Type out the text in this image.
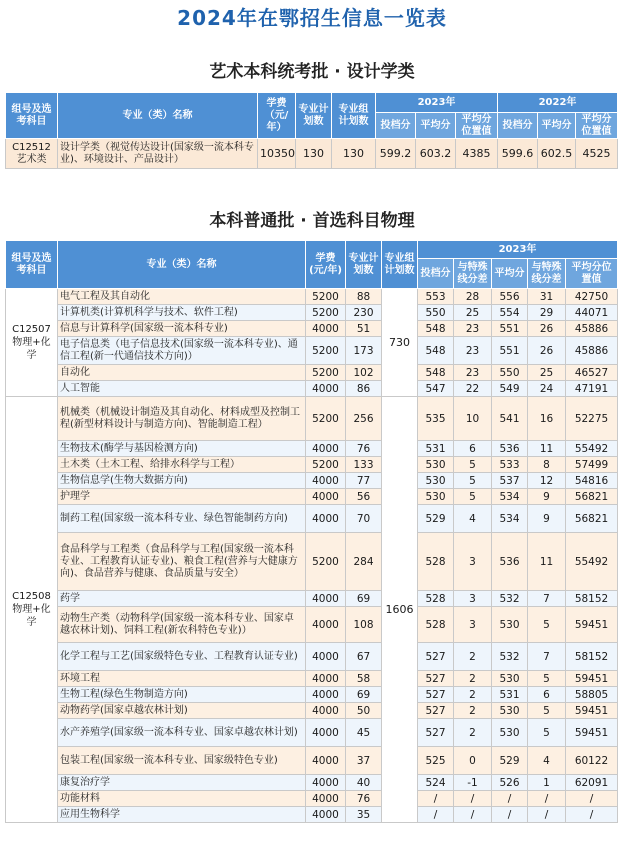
2024年在鄂招生信息一览表
艺术本科统考批 · 设计学类
组号及选考科目	专业（类）名称	学费（元/年）	专业计划数	专业组计划数	2023年			2022年		
					投档分	平均分	平均分位置值	投档分	平均分	平均分位置值
C12512 艺术类	设计学类（视觉传达设计(国家级一流本科专业)、环境设计、产品设计）	10350	130	130	599.2	603.2	4385	599.6	602.5	4525
本科普通批 · 首选科目物理
组号及选考科目	专业（类）名称	学费(元/年)	专业计划数	专业组计划数	2023年				
					投档分	与特殊线分差	平均分	与特殊线分差	平均分位置值
C12507 物理+化学	电气工程及其自动化	5200	88	730	553	28	556	31	42750
	计算机类(计算机科学与技术、软件工程)	5200	230		550	25	554	29	44071
	信息与计算科学(国家级一流本科专业)	4000	51		548	23	551	26	45886
	电子信息类（电子信息技术(国家级一流本科专业)、通信工程(新一代通信技术方向)）	5200	173		548	23	551	26	45886
	自动化	5200	102		548	23	550	25	46527
	人工智能	4000	86		547	22	549	24	47191
C12508 物理+化学	机械类（机械设计制造及其自动化、材料成型及控制工程(新型材料设计与制造方向)、智能制造工程）	5200	256	1606	535	10	541	16	52275
	生物技术(酶学与基因检测方向)	4000	76		531	6	536	11	55492
	土木类（土木工程、给排水科学与工程）	5200	133		530	5	533	8	57499
	生物信息学(生物大数据方向)	4000	77		530	5	537	12	54816
	护理学	4000	56		530	5	534	9	56821
	制药工程(国家级一流本科专业、绿色智能制药方向)	4000	70		529	4	534	9	56821
	食品科学与工程类（食品科学与工程(国家级一流本科专业、工程教育认证专业)、粮食工程(营养与大健康方向)、食品营养与健康、食品质量与安全）	5200	284		528	3	536	11	55492
	药学	4000	69		528	3	532	7	58152
	动物生产类（动物科学(国家级一流本科专业、国家卓越农林计划)、饲料工程(新农科特色专业)）	4000	108		528	3	530	5	59451
	化学工程与工艺(国家级特色专业、工程教育认证专业)	4000	67		527	2	532	7	58152
	环境工程	4000	58		527	2	530	5	59451
	生物工程(绿色生物制造方向)	4000	69		527	2	531	6	58805
	动物药学(国家卓越农林计划)	4000	50		527	2	530	5	59451
	水产养殖学(国家级一流本科专业、国家卓越农林计划)	4000	45		527	2	530	5	59451
	包装工程(国家级一流本科专业、国家级特色专业)	4000	37		525	0	529	4	60122
	康复治疗学	4000	40		524	-1	526	1	62091
	功能材料	4000	76		/	/	/	/	/
	应用生物科学	4000	35		/	/	/	/	/
